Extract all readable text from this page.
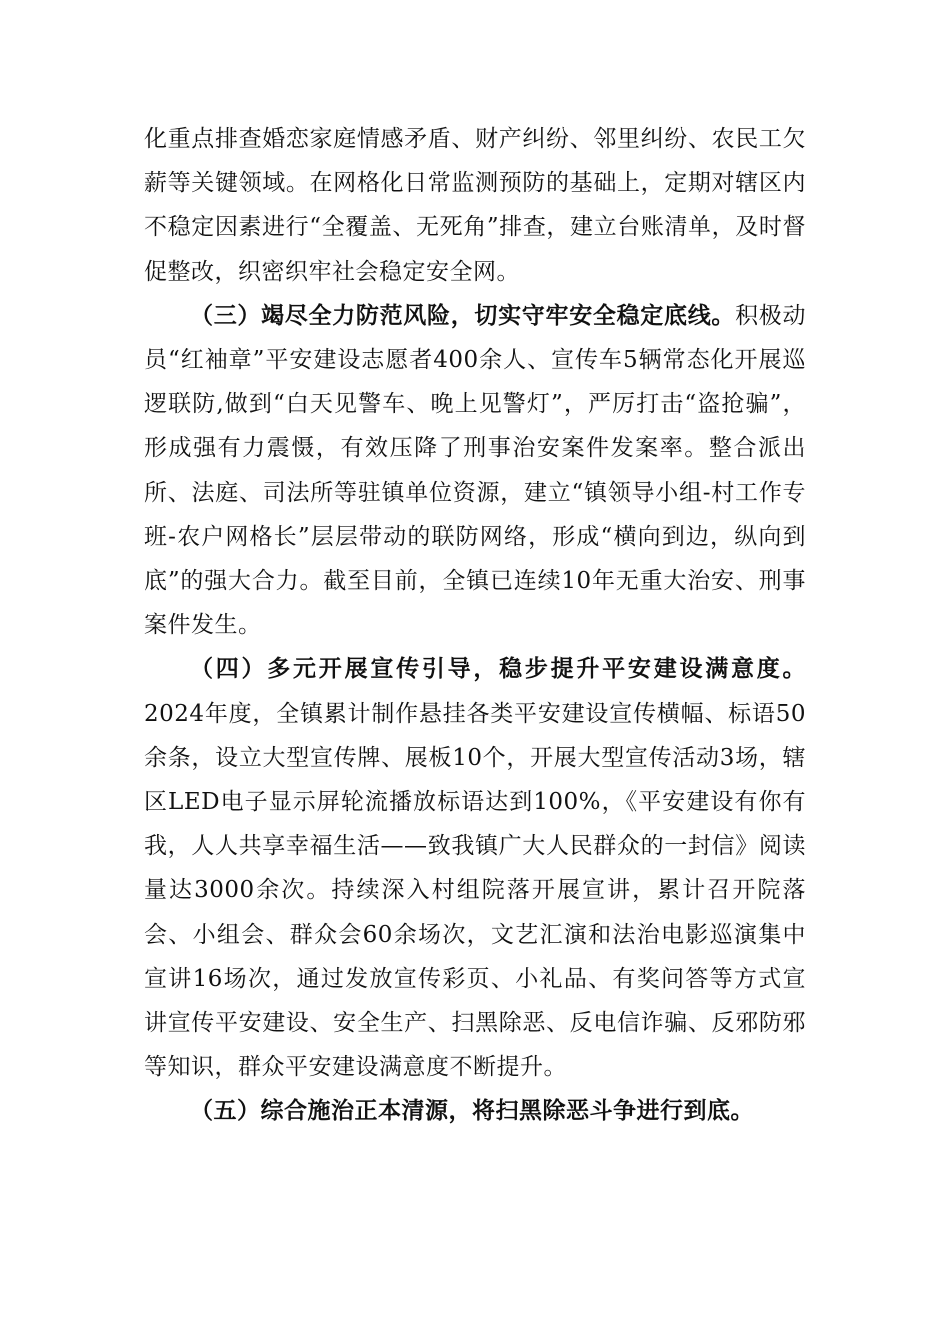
化重点排查婚恋家庭情感矛盾、财产纠纷、邻里纠纷、农民工欠薪等关键领域。在网格化日常监测预防的基础上，定期对辖区内不稳定因素进行“全覆盖、无死角”排查，建立台账清单，及时督促整改，织密织牢社会稳定安全网。

（三）竭尽全力防范风险，切实守牢安全稳定底线。积极动员“红袖章”平安建设志愿者400余人、宣传车5辆常态化开展巡逻联防,做到“白天见警车、晚上见警灯”，严厉打击“盗抢骗”，形成强有力震慑，有效压降了刑事治安案件发案率。整合派出所、法庭、司法所等驻镇单位资源，建立“镇领导小组-村工作专班-农户网格长”层层带动的联防网络，形成“横向到边，纵向到底”的强大合力。截至目前，全镇已连续10年无重大治安、刑事案件发生。

（四）多元开展宣传引导，稳步提升平安建设满意度。2024年度，全镇累计制作悬挂各类平安建设宣传横幅、标语50余条，设立大型宣传牌、展板10个，开展大型宣传活动3场，辖区LED电子显示屏轮流播放标语达到100%，《平安建设有你有我，人人共享幸福生活——致我镇广大人民群众的一封信》阅读量达3000余次。持续深入村组院落开展宣讲，累计召开院落会、小组会、群众会60余场次，文艺汇演和法治电影巡演集中宣讲16场次，通过发放宣传彩页、小礼品、有奖问答等方式宣讲宣传平安建设、安全生产、扫黑除恶、反电信诈骗、反邪防邪等知识，群众平安建设满意度不断提升。

（五）综合施治正本清源，将扫黑除恶斗争进行到底。
